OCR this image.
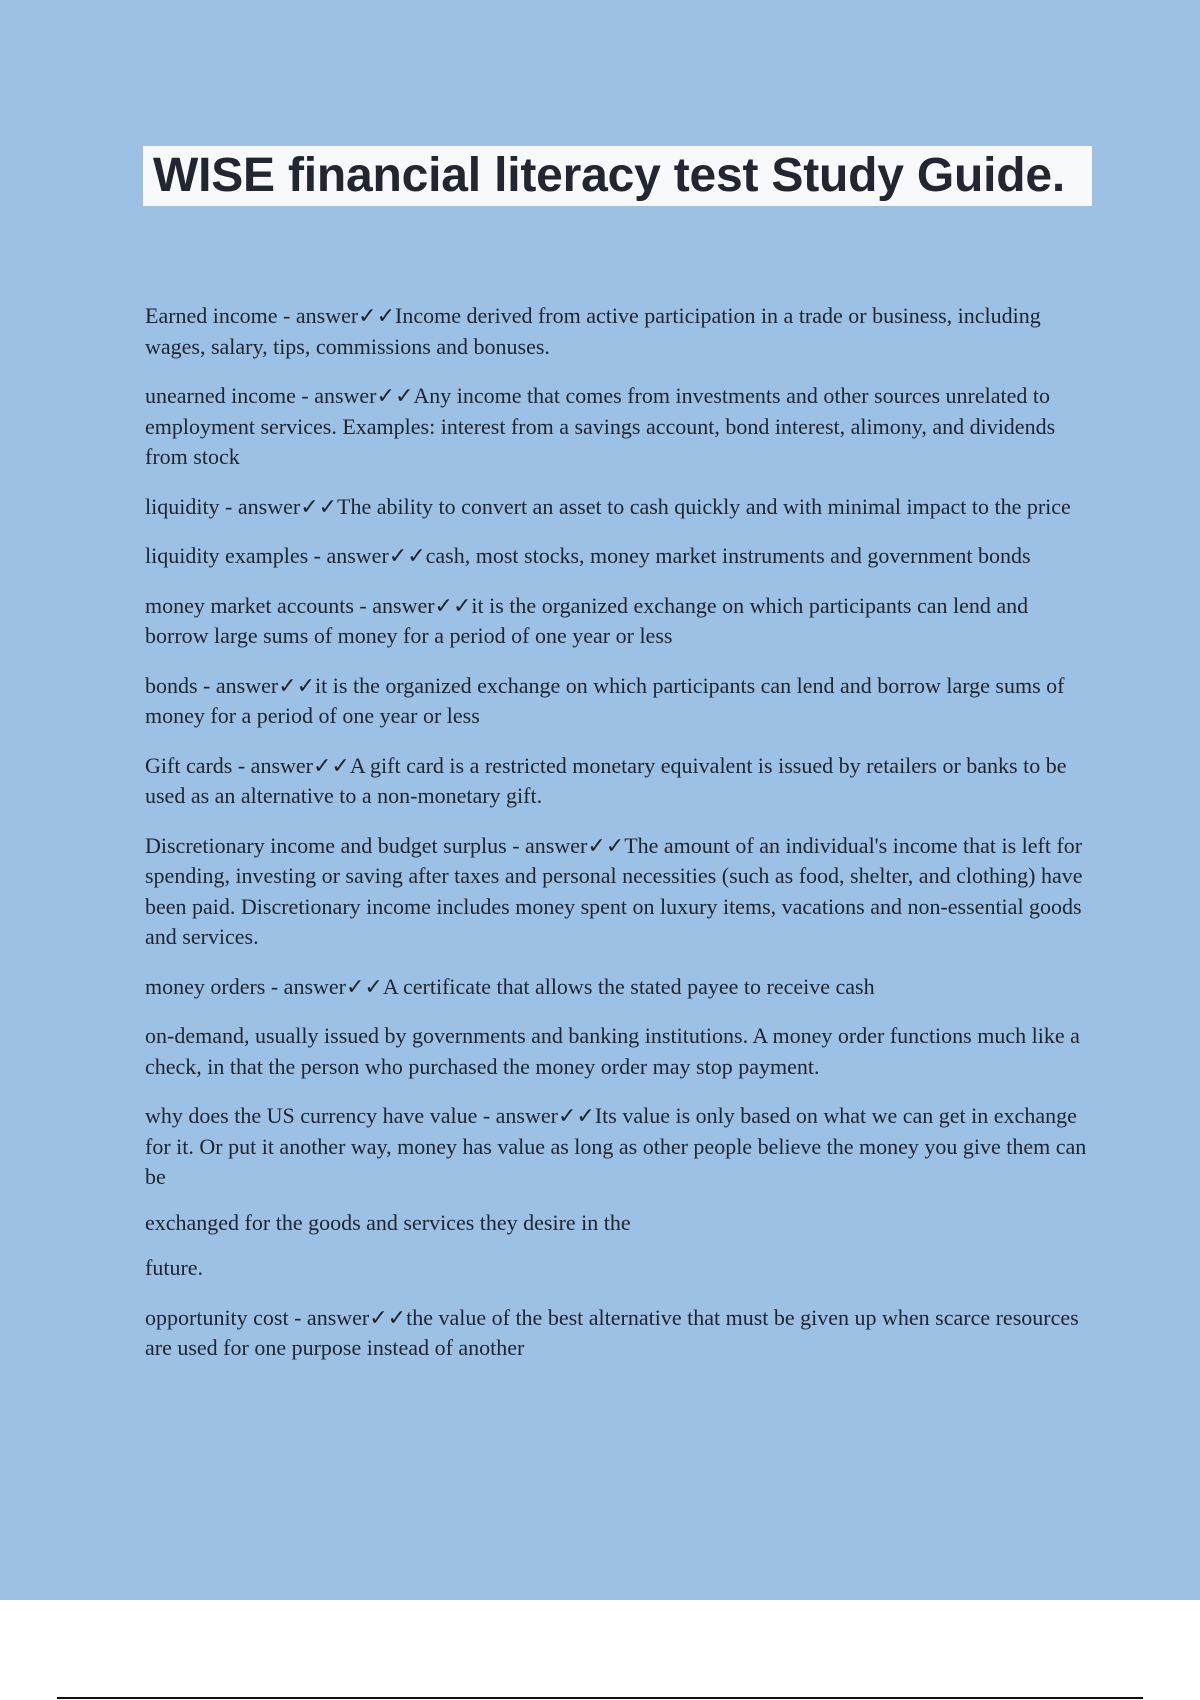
WISE financial literacy test Study Guide.

Earned income - answer✓✓Income derived from active participation in a trade or business, including wages, salary, tips, commissions and bonuses.

unearned income - answer✓✓Any income that comes from investments and other sources unrelated to employment services. Examples: interest from a savings account, bond interest, alimony, and dividends from stock

liquidity - answer✓✓The ability to convert an asset to cash quickly and with minimal impact to the price

liquidity examples - answer✓✓cash, most stocks, money market instruments and government bonds

money market accounts - answer✓✓it is the organized exchange on which participants can lend and borrow large sums of money for a period of one year or less

bonds - answer✓✓it is the organized exchange on which participants can lend and borrow large sums of money for a period of one year or less

Gift cards - answer✓✓A gift card is a restricted monetary equivalent is issued by retailers or banks to be used as an alternative to a non-monetary gift.

Discretionary income and budget surplus - answer✓✓The amount of an individual's income that is left for spending, investing or saving after taxes and personal necessities (such as food, shelter, and clothing) have been paid. Discretionary income includes money spent on luxury items, vacations and non-essential goods and services.

money orders - answer✓✓A certificate that allows the stated payee to receive cash

on-demand, usually issued by governments and banking institutions. A money order functions much like a check, in that the person who purchased the money order may stop payment.

why does the US currency have value - answer✓✓Its value is only based on what we can get in exchange for it. Or put it another way, money has value as long as other people believe the money you give them can be

exchanged for the goods and services they desire in the

future.

opportunity cost - answer✓✓the value of the best alternative that must be given up when scarce resources are used for one purpose instead of another
